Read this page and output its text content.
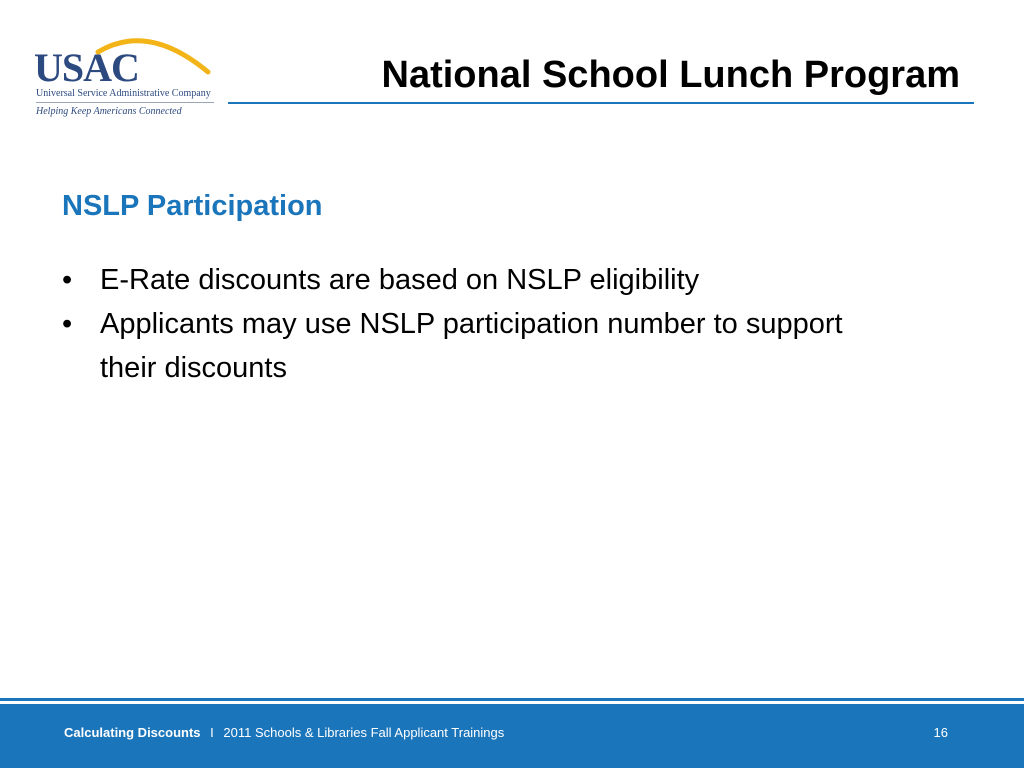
USAC
Universal Service Administrative Company
Helping Keep Americans Connected
National School Lunch Program
NSLP Participation
• E-Rate discounts are based on NSLP eligibility
• Applicants may use NSLP participation number to support their discounts
Calculating Discounts I 2011 Schools & Libraries Fall Applicant Trainings	16
